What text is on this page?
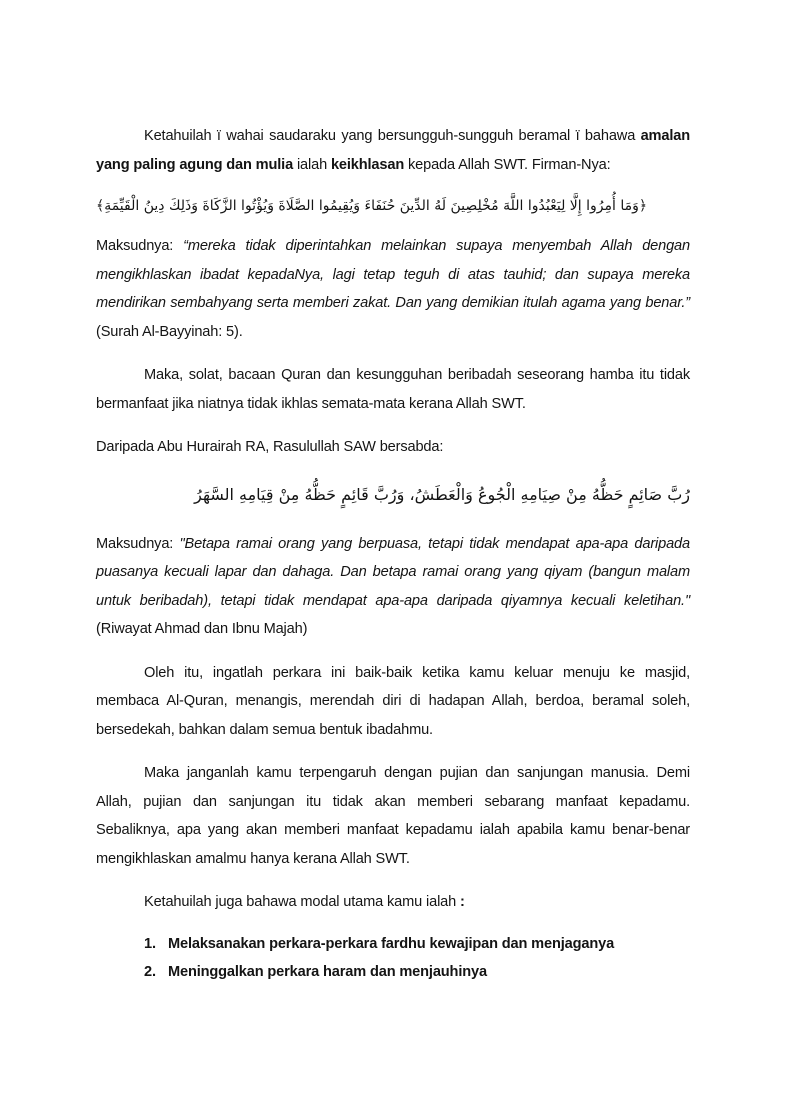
Ketahuilah ï wahai saudaraku yang bersungguh-sungguh beramal ï bahawa amalan yang paling agung dan mulia ialah keikhlasan kepada Allah SWT. Firman-Nya:

﴿وَمَا أُمِرُوا إِلَّا لِيَعْبُدُوا اللَّهَ مُخْلِصِينَ لَهُ الدِّينَ حُنَفَاءَ وَيُقِيمُوا الصَّلَاةَ وَيُؤْتُوا الزَّكَاةَ وَذَلِكَ دِينُ الْقَيِّمَةِ﴾

Maksudnya: “mereka tidak diperintahkan melainkan supaya menyembah Allah dengan mengikhlaskan ibadat kepadaNya, lagi tetap teguh di atas tauhid; dan supaya mereka mendirikan sembahyang serta memberi zakat. Dan yang demikian itulah agama yang benar.” (Surah Al-Bayyinah: 5).

Maka, solat, bacaan Quran dan kesungguhan beribadah seseorang hamba itu tidak bermanfaat jika niatnya tidak ikhlas semata-mata kerana Allah SWT.

Daripada Abu Hurairah RA, Rasulullah SAW bersabda:

رُبَّ صَائِمٍ حَظُّهُ مِنْ صِيَامِهِ الْجُوعُ وَالْعَطَشُ، وَرُبَّ قَائِمٍ حَظُّهُ مِنْ قِيَامِهِ السَّهَرُ

Maksudnya: "Betapa ramai orang yang berpuasa, tetapi tidak mendapat apa-apa daripada puasanya kecuali lapar dan dahaga. Dan betapa ramai orang yang qiyam (bangun malam untuk beribadah), tetapi tidak mendapat apa-apa daripada qiyamnya kecuali keletihan." (Riwayat Ahmad dan Ibnu Majah)

Oleh itu, ingatlah perkara ini baik-baik ketika kamu keluar menuju ke masjid, membaca Al-Quran, menangis, merendah diri di hadapan Allah, berdoa, beramal soleh, bersedekah, bahkan dalam semua bentuk ibadahmu.

Maka janganlah kamu terpengaruh dengan pujian dan sanjungan manusia. Demi Allah, pujian dan sanjungan itu tidak akan memberi sebarang manfaat kepadamu. Sebaliknya, apa yang akan memberi manfaat kepadamu ialah apabila kamu benar-benar mengikhlaskan amalmu hanya kerana Allah SWT.

Ketahuilah juga bahawa modal utama kamu ialah :

1. Melaksanakan perkara-perkara fardhu kewajipan dan menjaganya
2. Meninggalkan perkara haram dan menjauhinya
